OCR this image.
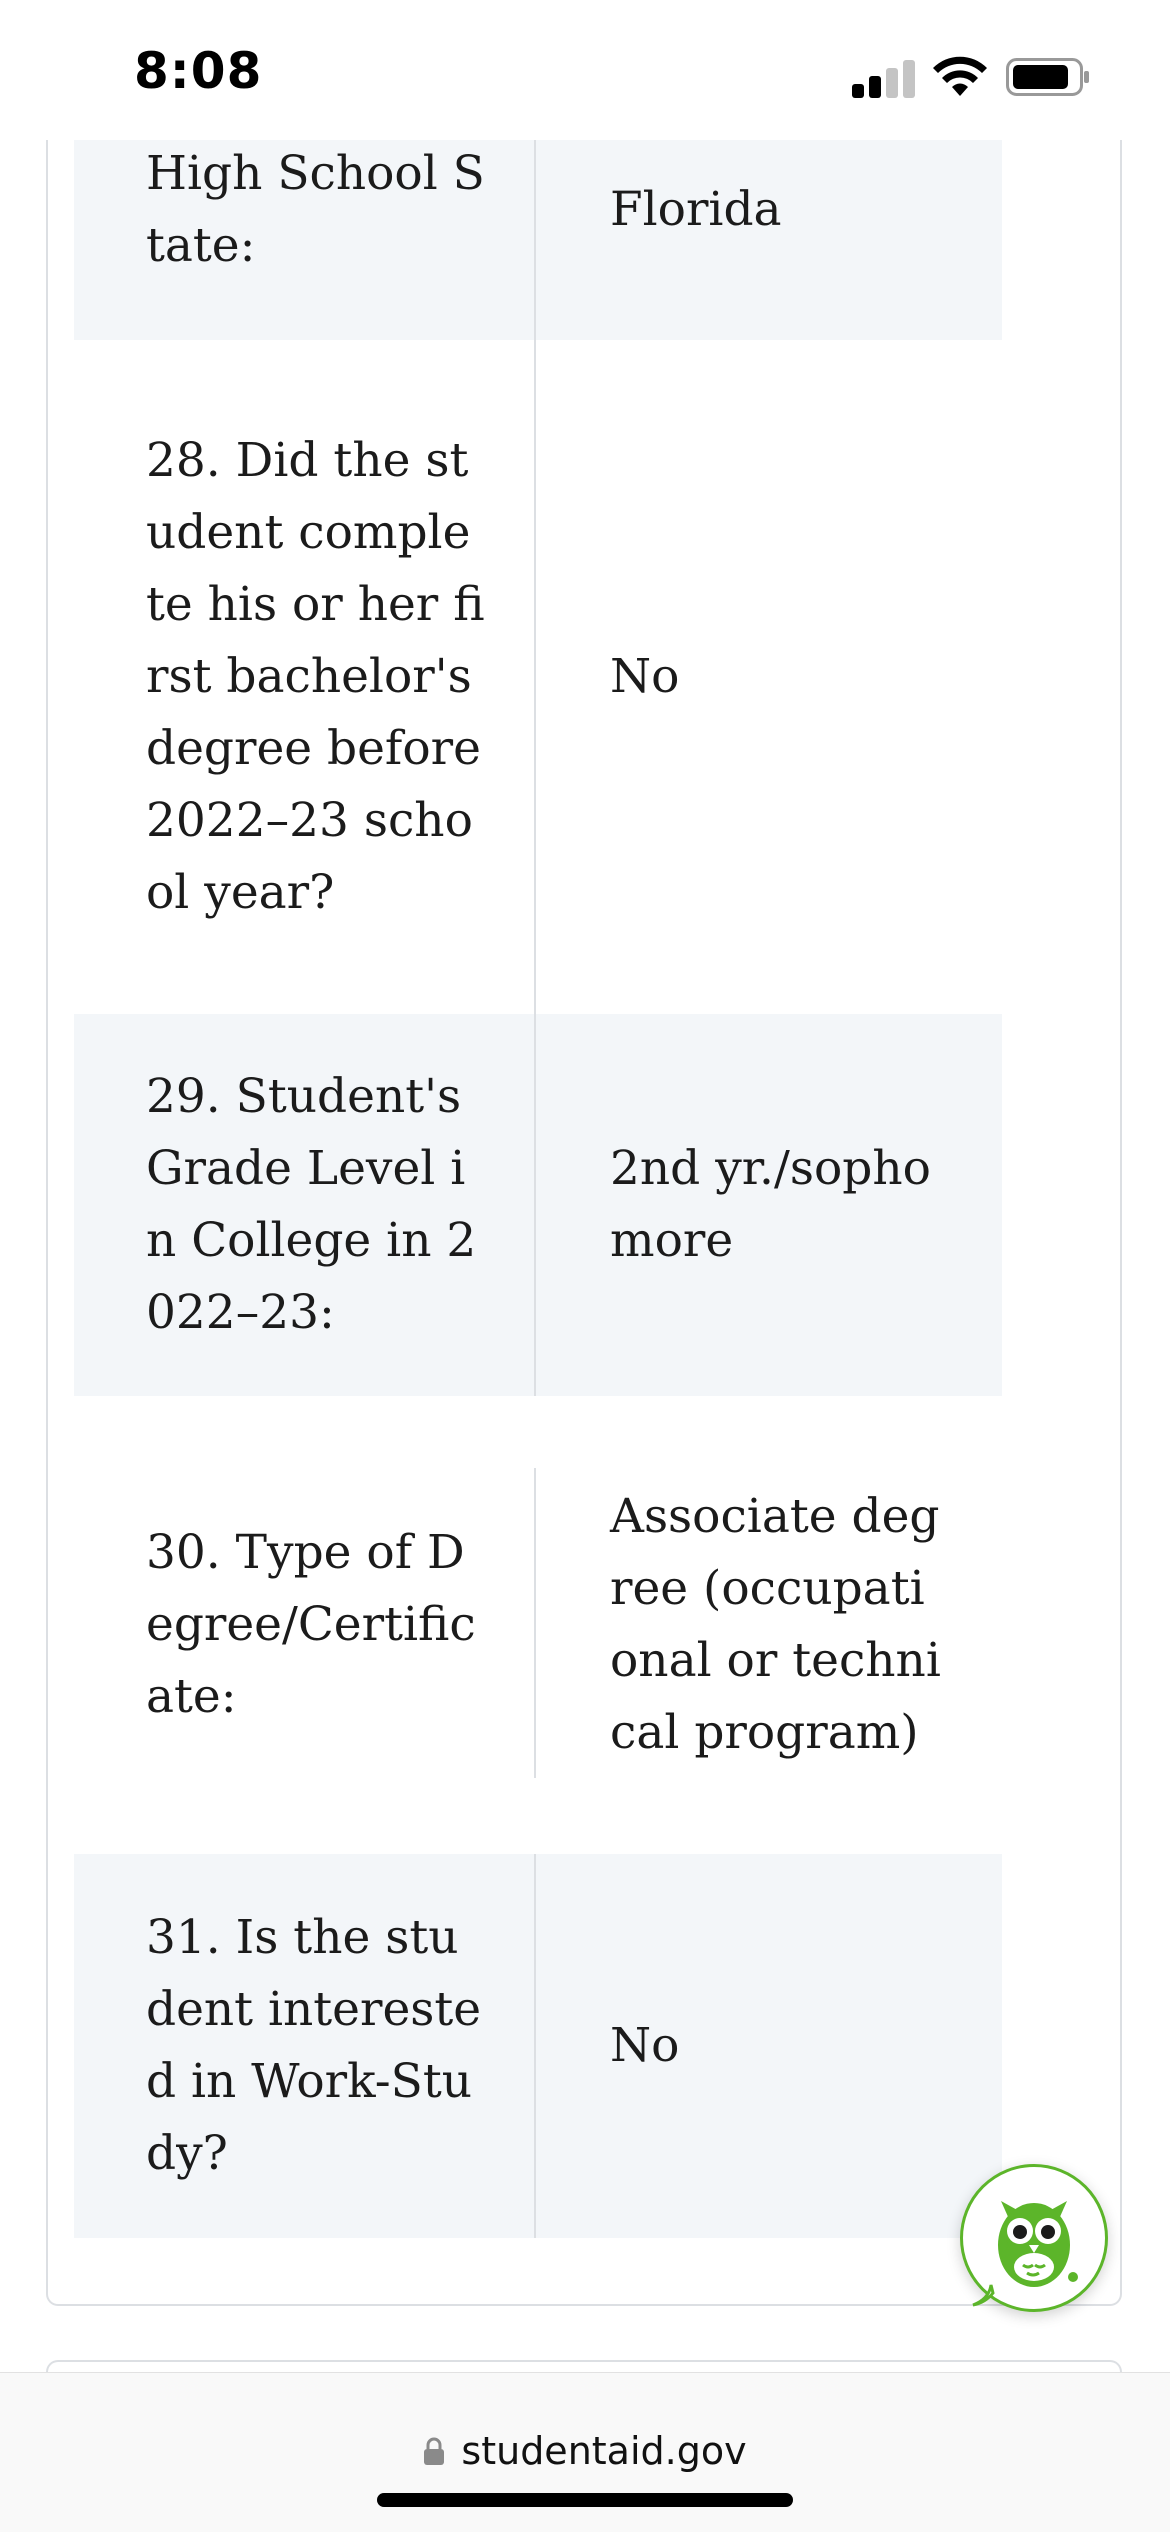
8:08
High School State:
Florida
28. Did the student complete his or her first bachelor's degree before 2022–23 school year?
No
29. Student's Grade Level in College in 2022–23:
2nd yr./sophomore
30. Type of Degree/Certificate:
Associate degree (occupational or technical program)
31. Is the student interested in Work-Study?
No
studentaid.gov
